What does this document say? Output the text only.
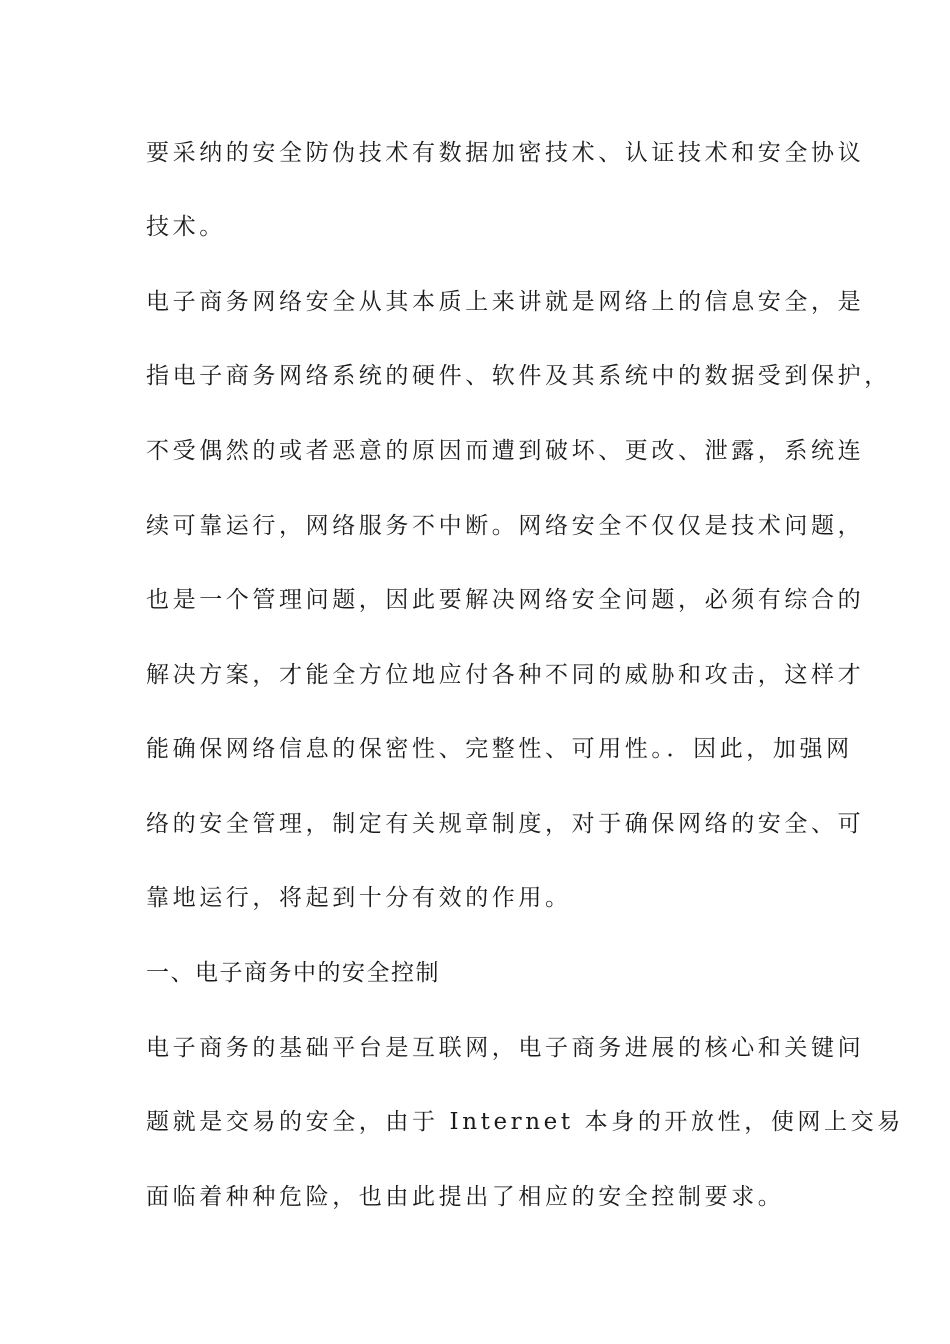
要采纳的安全防伪技术有数据加密技术、认证技术和安全协议
技术。
电子商务网络安全从其本质上来讲就是网络上的信息安全，是
指电子商务网络系统的硬件、软件及其系统中的数据受到保护，
不受偶然的或者恶意的原因而遭到破坏、更改、泄露，系统连
续可靠运行，网络服务不中断。网络安全不仅仅是技术问题，
也是一个管理问题，因此要解决网络安全问题，必须有综合的
解决方案，才能全方位地应付各种不同的威胁和攻击，这样才
能确保网络信息的保密性、完整性、可用性。．因此，加强网
络的安全管理，制定有关规章制度，对于确保网络的安全、可
靠地运行，将起到十分有效的作用。
一、电子商务中的安全控制
电子商务的基础平台是互联网，电子商务进展的核心和关键问
题就是交易的安全，由于 Internet 本身的开放性，使网上交易
面临着种种危险，也由此提出了相应的安全控制要求。
